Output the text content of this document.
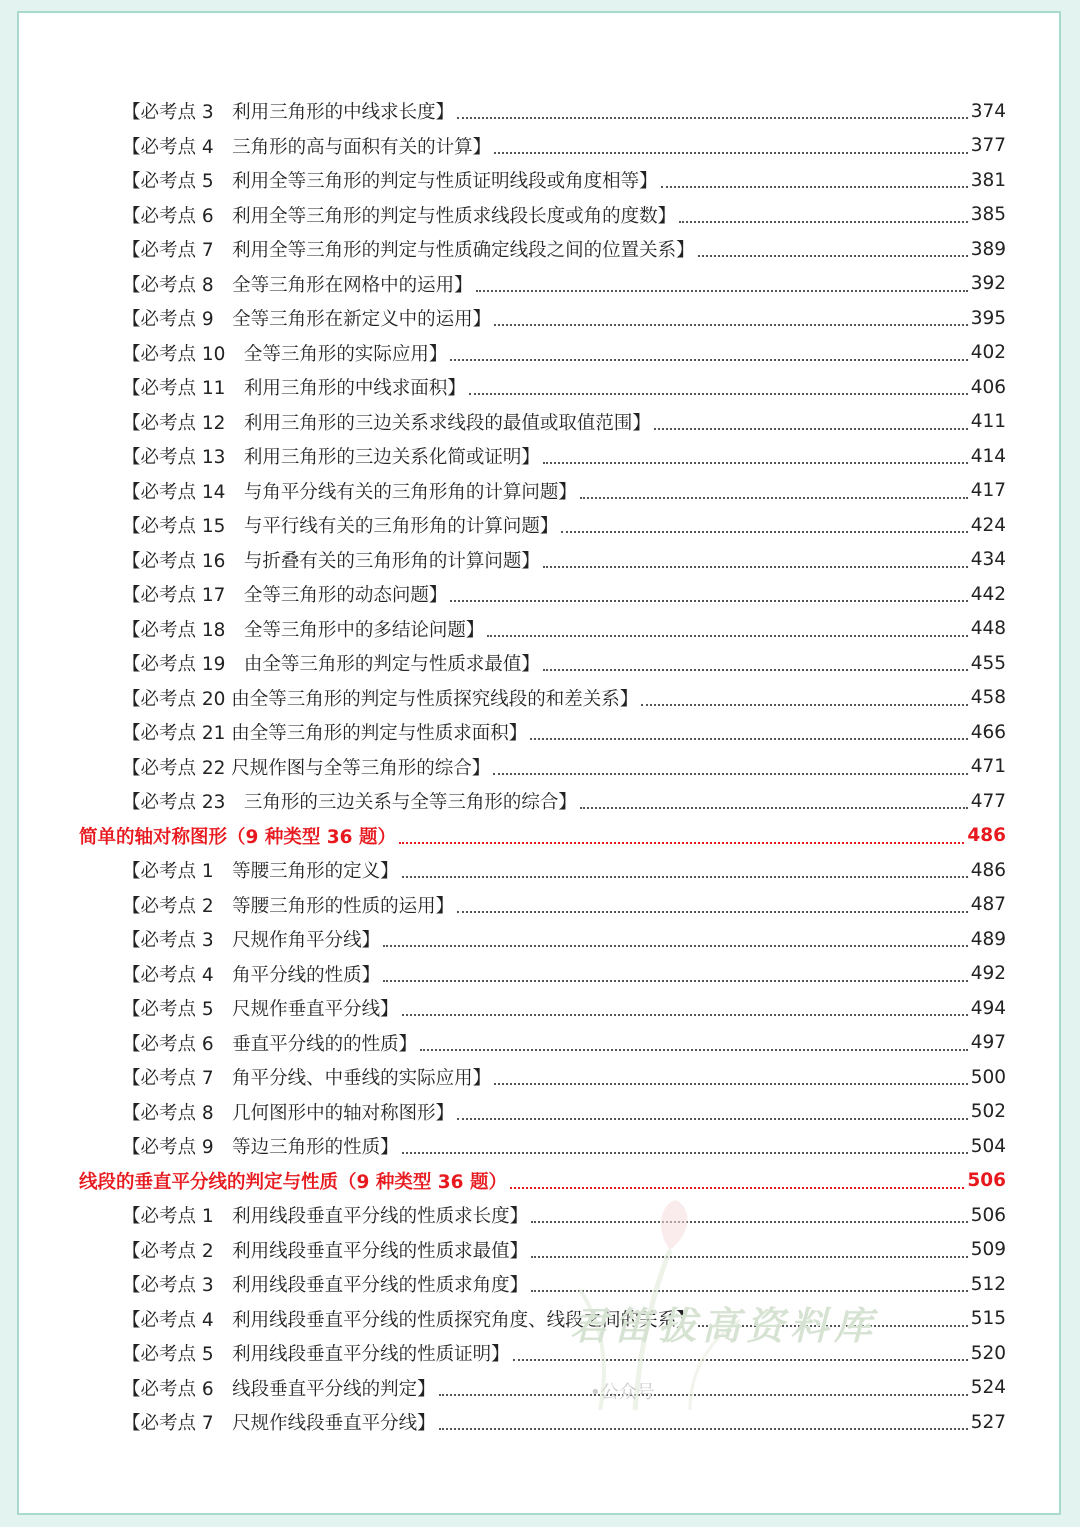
【必考点 3　利用三角形的中线求长度】	374
【必考点 4　三角形的高与面积有关的计算】	377
【必考点 5　利用全等三角形的判定与性质证明线段或角度相等】	381
【必考点 6　利用全等三角形的判定与性质求线段长度或角的度数】	385
【必考点 7　利用全等三角形的判定与性质确定线段之间的位置关系】	389
【必考点 8　全等三角形在网格中的运用】	392
【必考点 9　全等三角形在新定义中的运用】	395
【必考点 10　全等三角形的实际应用】	402
【必考点 11　利用三角形的中线求面积】	406
【必考点 12　利用三角形的三边关系求线段的最值或取值范围】	411
【必考点 13　利用三角形的三边关系化简或证明】	414
【必考点 14　与角平分线有关的三角形角的计算问题】	417
【必考点 15　与平行线有关的三角形角的计算问题】	424
【必考点 16　与折叠有关的三角形角的计算问题】	434
【必考点 17　全等三角形的动态问题】	442
【必考点 18　全等三角形中的多结论问题】	448
【必考点 19　由全等三角形的判定与性质求最值】	455
【必考点 20 由全等三角形的判定与性质探究线段的和差关系】	458
【必考点 21 由全等三角形的判定与性质求面积】	466
【必考点 22 尺规作图与全等三角形的综合】	471
【必考点 23　三角形的三边关系与全等三角形的综合】	477
简单的轴对称图形（9 种类型 36 题）	486
【必考点 1　等腰三角形的定义】	486
【必考点 2　等腰三角形的性质的运用】	487
【必考点 3　尺规作角平分线】	489
【必考点 4　角平分线的性质】	492
【必考点 5　尺规作垂直平分线】	494
【必考点 6　垂直平分线的的性质】	497
【必考点 7　角平分线、中垂线的实际应用】	500
【必考点 8　几何图形中的轴对称图形】	502
【必考点 9　等边三角形的性质】	504
线段的垂直平分线的判定与性质（9 种类型 36 题）	506
【必考点 1　利用线段垂直平分线的性质求长度】	506
【必考点 2　利用线段垂直平分线的性质求最值】	509
【必考点 3　利用线段垂直平分线的性质求角度】	512
【必考点 4　利用线段垂直平分线的性质探究角度、线段之间的关系】	515
【必考点 5　利用线段垂直平分线的性质证明】	520
【必考点 6　线段垂直平分线的判定】	524
【必考点 7　尺规作线段垂直平分线】	527
君笛拔高资料库
•公众号
